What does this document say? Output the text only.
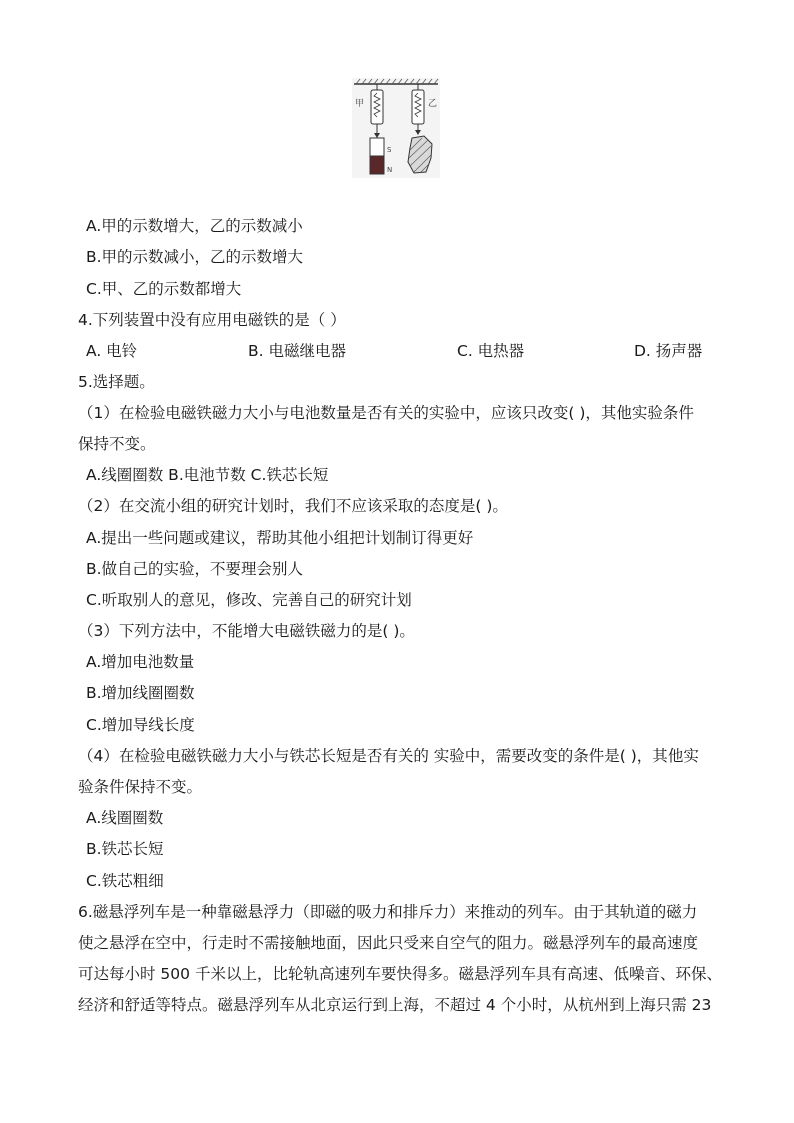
甲
S
N
乙
A.甲的示数增大，乙的示数减小
B.甲的示数减小，乙的示数增大
C.甲、乙的示数都增大
4.下列装置中没有应用电磁铁的是（ ）
A. 电铃	B. 电磁继电器	C. 电热器	D. 扬声器
5.选择题。
（1）在检验电磁铁磁力大小与电池数量是否有关的实验中，应该只改变( )，其他实验条件
保持不变。
A.线圈圈数 B.电池节数 C.铁芯长短
（2）在交流小组的研究计划时，我们不应该采取的态度是( )。
A.提出一些问题或建议，帮助其他小组把计划制订得更好
B.做自己的实验，不要理会别人
C.听取别人的意见，修改、完善自己的研究计划
（3）下列方法中，不能增大电磁铁磁力的是( )。
A.增加电池数量
B.增加线圈圈数
C.增加导线长度
（4）在检验电磁铁磁力大小与铁芯长短是否有关的 实验中，需要改变的条件是( )，其他实
验条件保持不变。
A.线圈圈数
B.铁芯长短
C.铁芯粗细
6.磁悬浮列车是一种靠磁悬浮力（即磁的吸力和排斥力）来推动的列车。由于其轨道的磁力
使之悬浮在空中，行走时不需接触地面，因此只受来自空气的阻力。磁悬浮列车的最高速度
可达每小时 500 千米以上，比轮轨高速列车要快得多。磁悬浮列车具有高速、低噪音、环保、
经济和舒适等特点。磁悬浮列车从北京运行到上海，不超过 4 个小时，从杭州到上海只需 23
